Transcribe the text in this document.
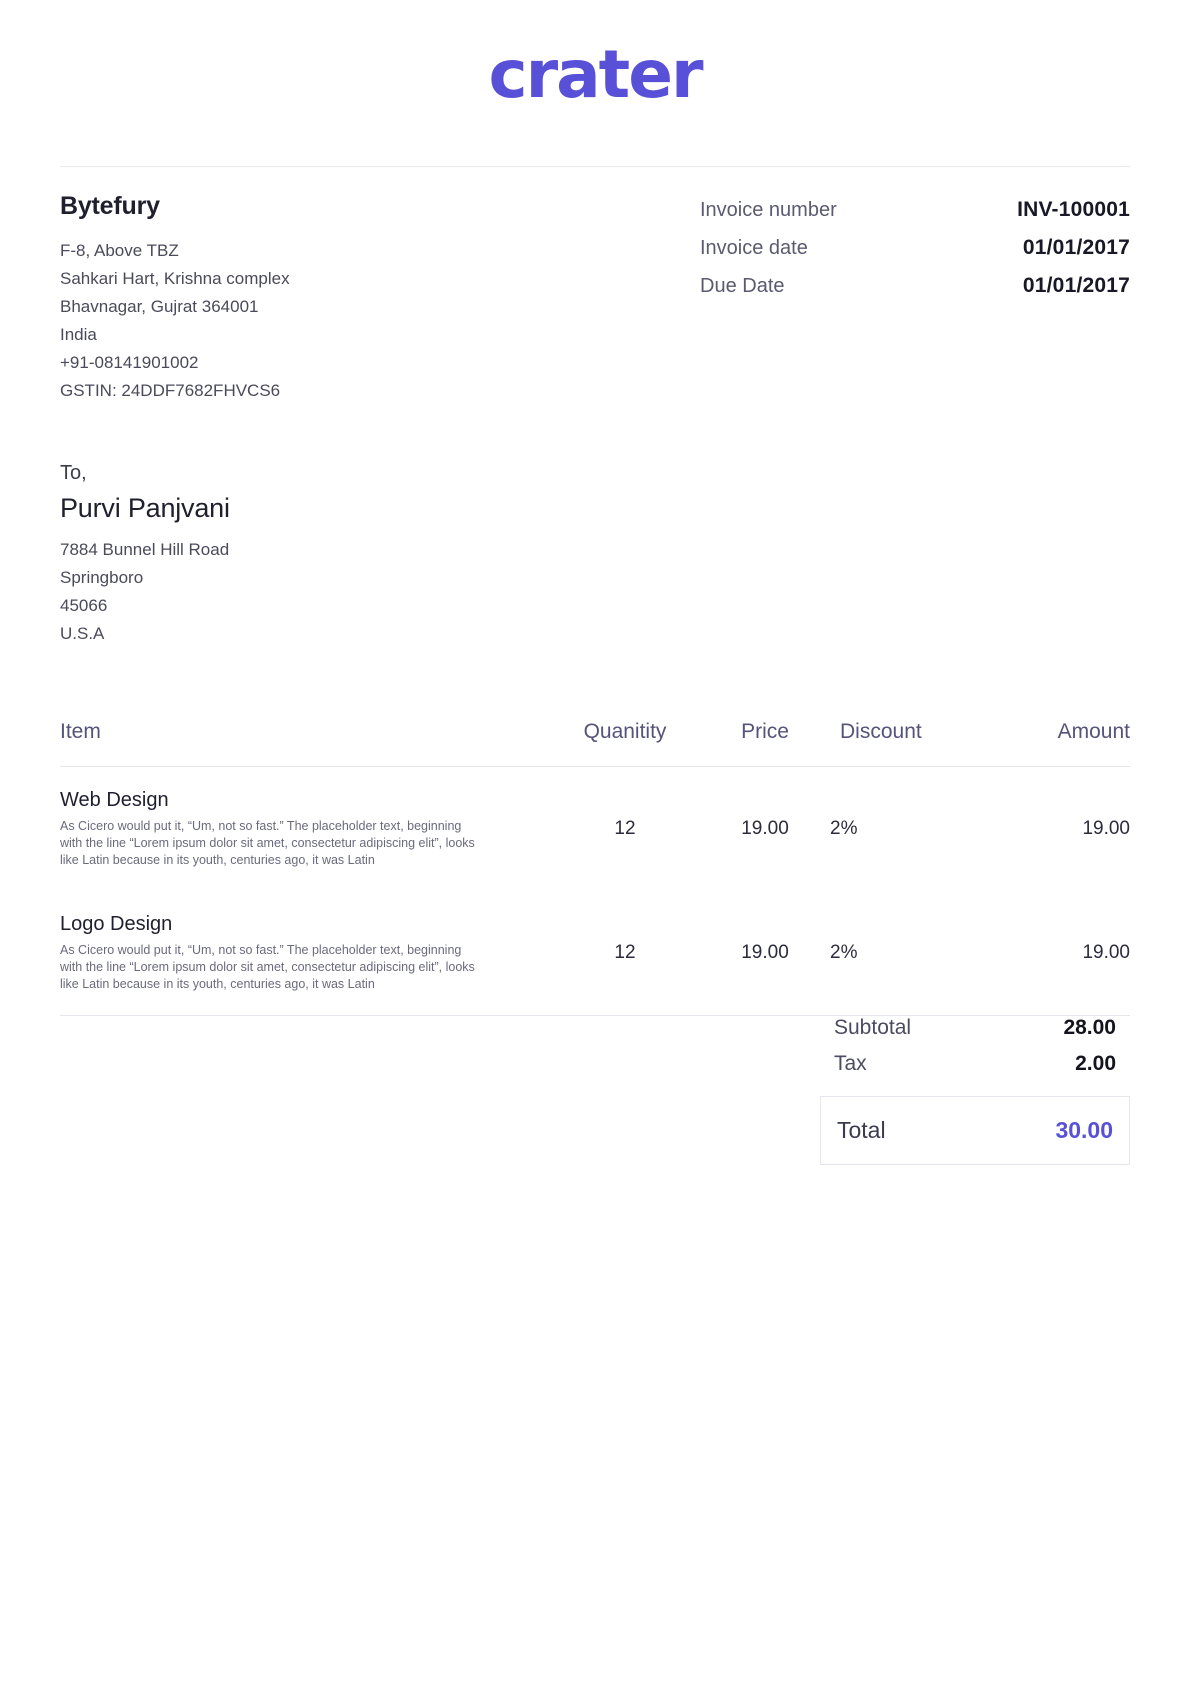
crater
Bytefury
F-8, Above TBZ
Sahkari Hart, Krishna complex
Bhavnagar, Gujrat 364001
India
+91-08141901002
GSTIN: 24DDF7682FHVCS6
Invoice number	INV-100001
Invoice date	01/01/2017
Due Date	01/01/2017
To,
Purvi Panjvani
7884 Bunnel Hill Road
Springboro
45066
U.S.A
Item	Quanitity	Price	Discount	Amount

Web Design
As Cicero would put it, “Um, not so fast.” The placeholder text, beginning with the line “Lorem ipsum dolor sit amet, consectetur adipiscing elit”, looks like Latin because in its youth, centuries ago, it was Latin	12	19.00	2%	19.00

Logo Design
As Cicero would put it, “Um, not so fast.” The placeholder text, beginning with the line “Lorem ipsum dolor sit amet, consectetur adipiscing elit”, looks like Latin because in its youth, centuries ago, it was Latin	12	19.00	2%	19.00
Subtotal	28.00
Tax	2.00
Total	30.00
